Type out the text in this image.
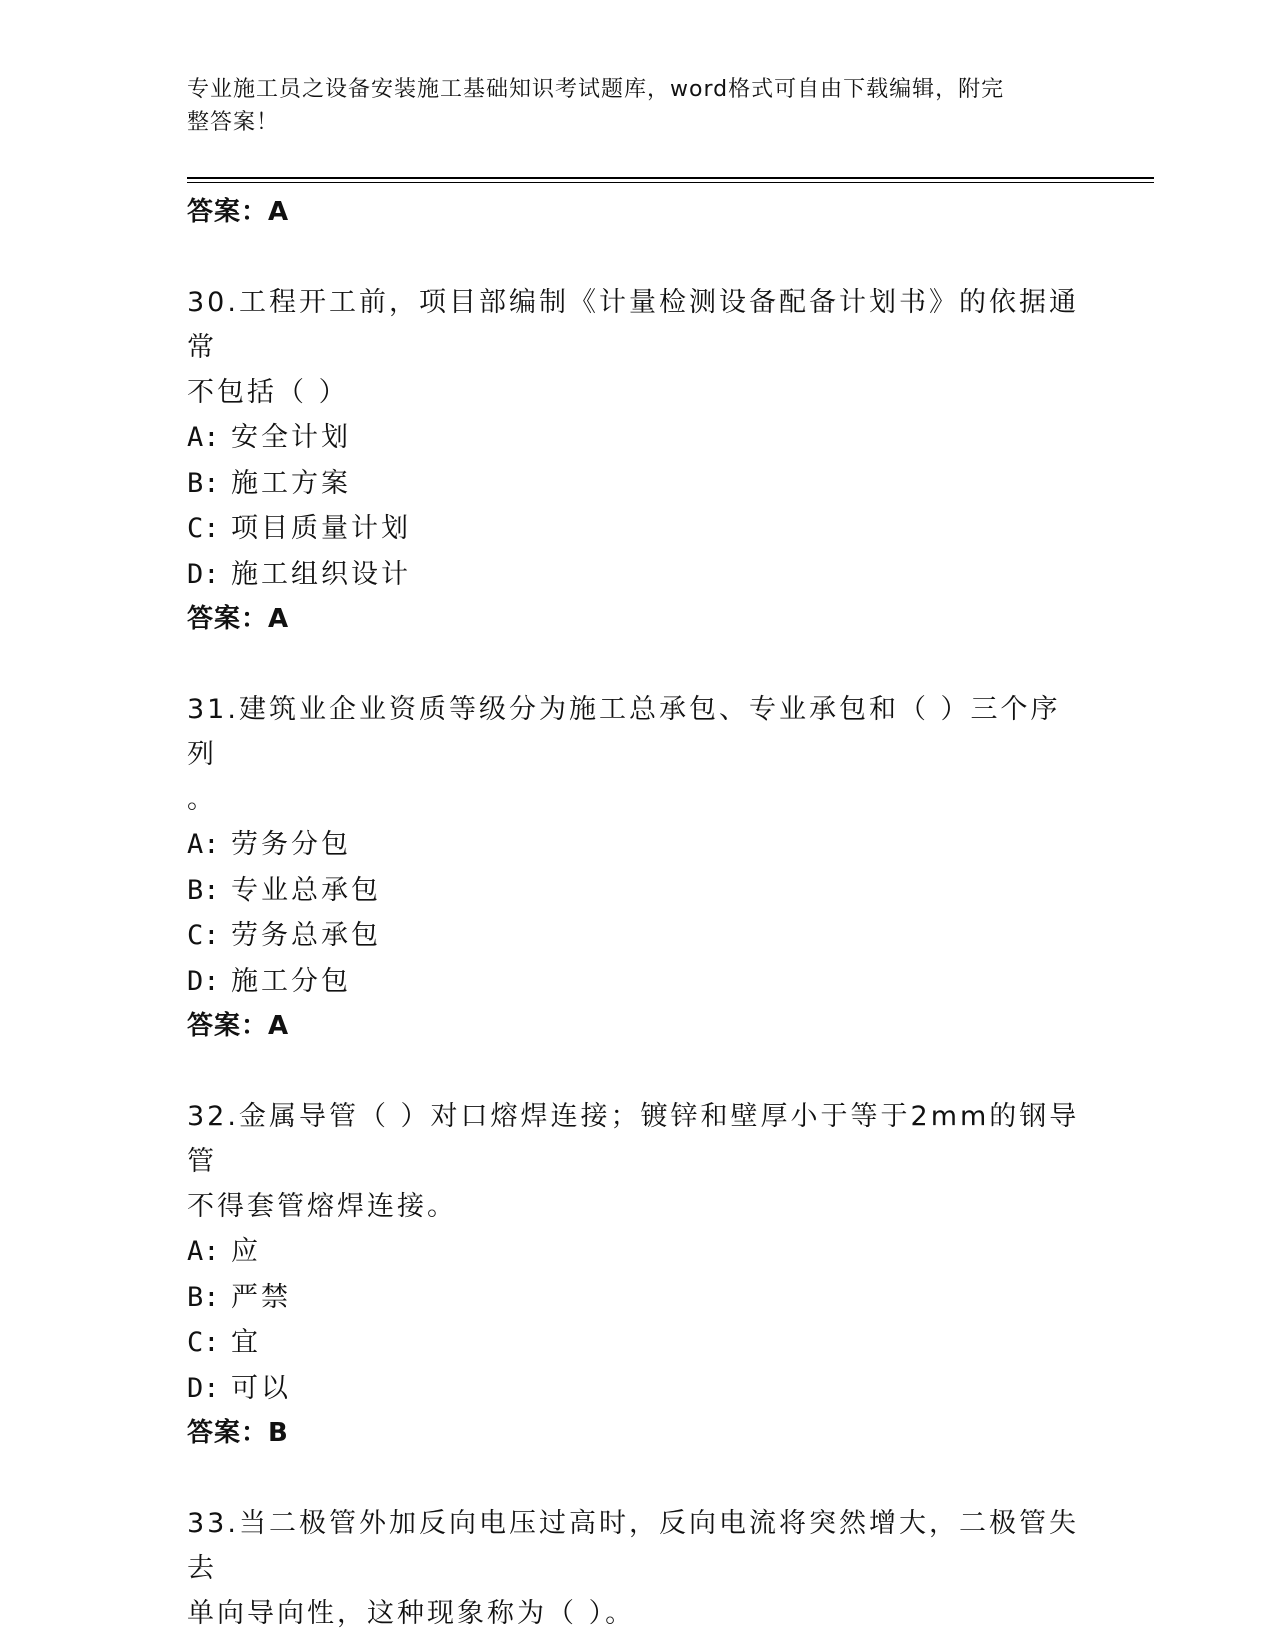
专业施工员之设备安装施工基础知识考试题库，word格式可自由下载编辑，附完
整答案！
答案：A
30.工程开工前，项目部编制《计量检测设备配备计划书》的依据通常
不包括（ ）
A: 安全计划
B: 施工方案
C: 项目质量计划
D: 施工组织设计
答案：A
31.建筑业企业资质等级分为施工总承包、专业承包和（ ）三个序列
。
A: 劳务分包
B: 专业总承包
C: 劳务总承包
D: 施工分包
答案：A
32.金属导管（ ）对口熔焊连接；镀锌和壁厚小于等于2mm的钢导管
不得套管熔焊连接。
A: 应
B: 严禁
C: 宜
D: 可以
答案：B
33.当二极管外加反向电压过高时，反向电流将突然增大，二极管失去
单向导向性，这种现象称为（ ）。
